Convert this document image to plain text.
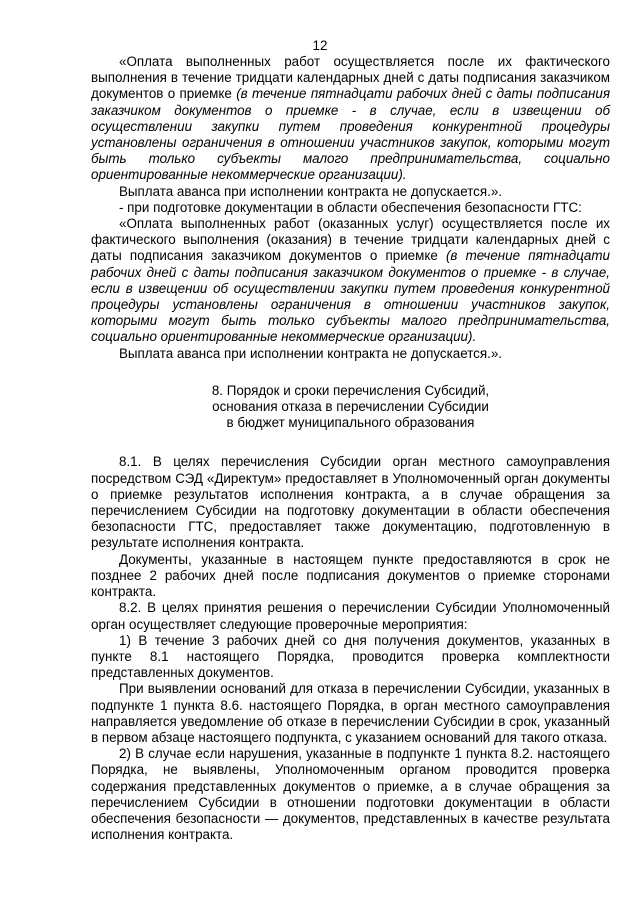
12

«Оплата выполненных работ осуществляется после их фактического выполнения в течение тридцати календарных дней с даты подписания заказчиком документов о приемке (в течение пятнадцати рабочих дней с даты подписания заказчиком документов о приемке - в случае, если в извещении об осуществлении закупки путем проведения конкурентной процедуры установлены ограничения в отношении участников закупок, которыми могут быть только субъекты малого предпринимательства, социально ориентированные некоммерческие организации).

Выплата аванса при исполнении контракта не допускается.».

- при подготовке документации в области обеспечения безопасности ГТС:

«Оплата выполненных работ (оказанных услуг) осуществляется после их фактического выполнения (оказания) в течение тридцати календарных дней с даты подписания заказчиком документов о приемке (в течение пятнадцати рабочих дней с даты подписания заказчиком документов о приемке - в случае, если в извещении об осуществлении закупки путем проведения конкурентной процедуры установлены ограничения в отношении участников закупок, которыми могут быть только субъекты малого предпринимательства, социально ориентированные некоммерческие организации).

Выплата аванса при исполнении контракта не допускается.».

8. Порядок и сроки перечисления Субсидий,
основания отказа в перечислении Субсидии
в бюджет муниципального образования

8.1. В целях перечисления Субсидии орган местного самоуправления посредством СЭД «Директум» предоставляет в Уполномоченный орган документы о приемке результатов исполнения контракта, а в случае обращения за перечислением Субсидии на подготовку документации в области обеспечения безопасности ГТС, предоставляет также документацию, подготовленную в результате исполнения контракта.

Документы, указанные в настоящем пункте предоставляются в срок не позднее 2 рабочих дней после подписания документов о приемке сторонами контракта.

8.2. В целях принятия решения о перечислении Субсидии Уполномоченный орган осуществляет следующие проверочные мероприятия:

1) В течение 3 рабочих дней со дня получения документов, указанных в пункте 8.1 настоящего Порядка, проводится проверка комплектности представленных документов.

При выявлении оснований для отказа в перечислении Субсидии, указанных в подпункте 1 пункта 8.6. настоящего Порядка, в орган местного самоуправления направляется уведомление об отказе в перечислении Субсидии в срок, указанный в первом абзаце настоящего подпункта, с указанием оснований для такого отказа.

2) В случае если нарушения, указанные в подпункте 1 пункта 8.2. настоящего Порядка, не выявлены, Уполномоченным органом проводится проверка содержания представленных документов о приемке, а в случае обращения за перечислением Субсидии в отношении подготовки документации в области обеспечения безопасности — документов, представленных в качестве результата исполнения контракта.
